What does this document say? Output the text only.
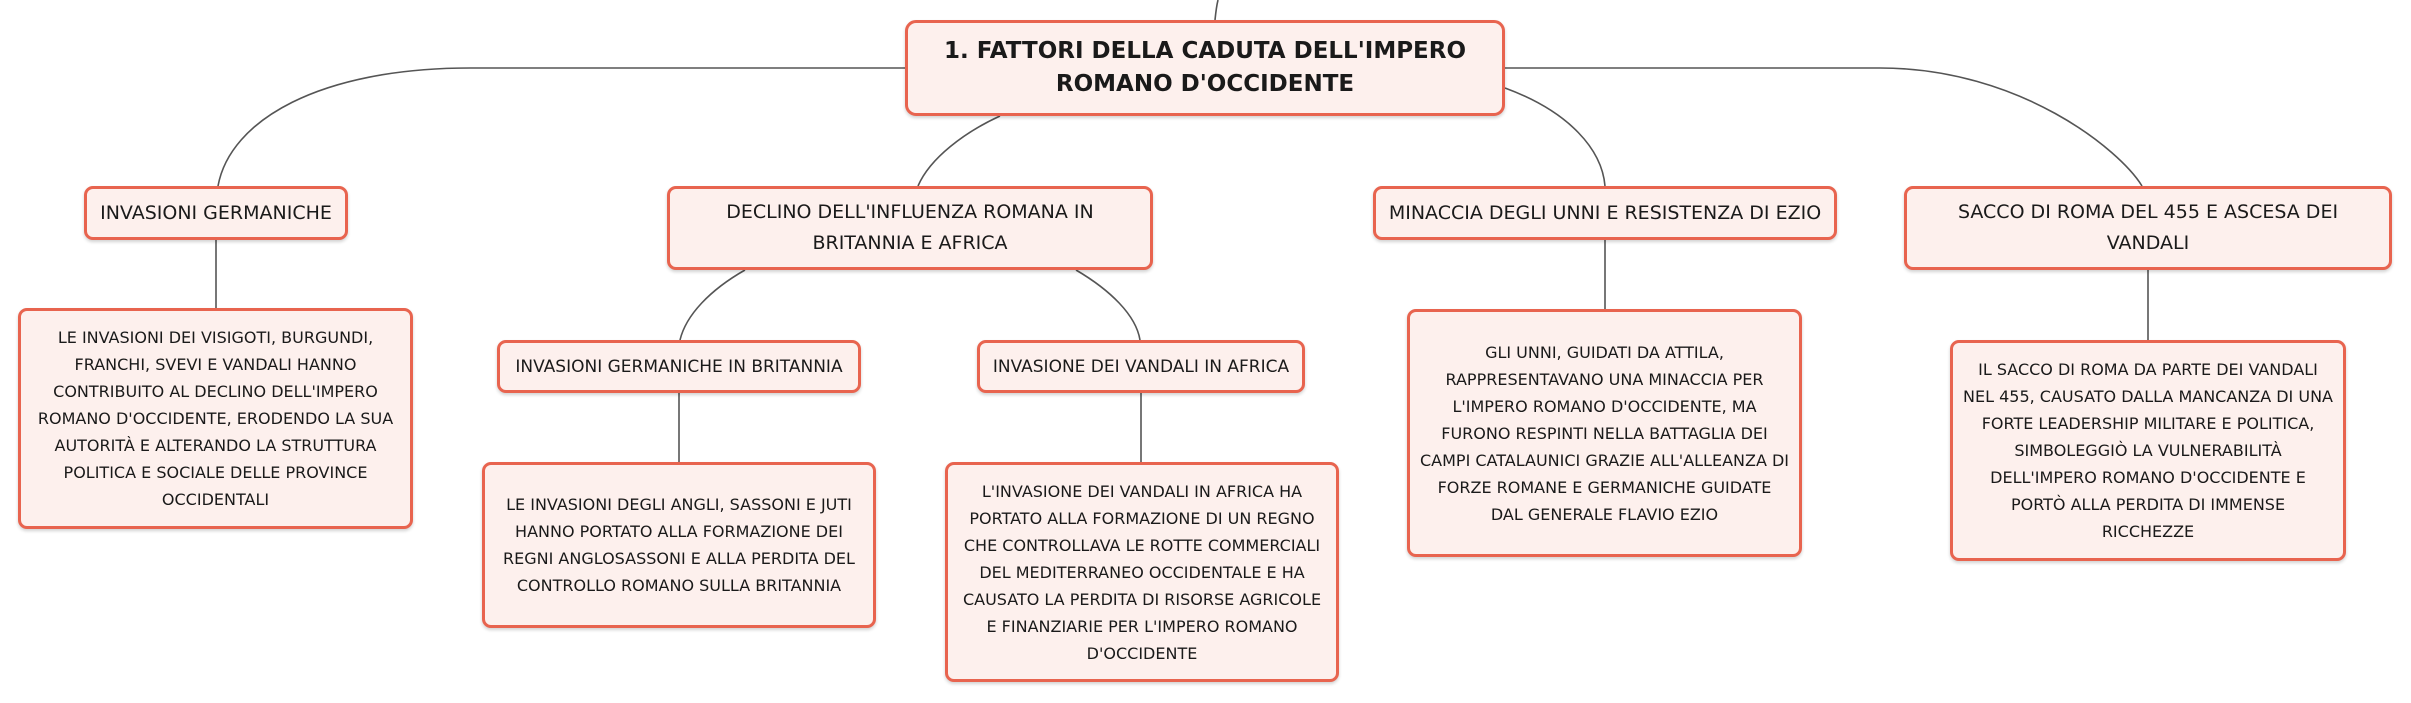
1. FATTORI DELLA CADUTA DELL'IMPERO ROMANO D'OCCIDENTE
INVASIONI GERMANICHE	DECLINO DELL'INFLUENZA ROMANA IN BRITANNIA E AFRICA
MINACCIA DEGLI UNNI E RESISTENZA DI EZIO	SACCO DI ROMA DEL 455 E ASCESA DEI VANDALI
INVASIONI GERMANICHE IN BRITANNIA	INVASIONE DEI VANDALI IN AFRICA
LE INVASIONI DEI VISIGOTI, BURGUNDI, FRANCHI, SVEVI E VANDALI HANNO CONTRIBUITO AL DECLINO DELL'IMPERO ROMANO D'OCCIDENTE, ERODENDO LA SUA AUTORITÀ E ALTERANDO LA STRUTTURA POLITICA E SOCIALE DELLE PROVINCE OCCIDENTALI	LE INVASIONI DEGLI ANGLI, SASSONI E JUTI HANNO PORTATO ALLA FORMAZIONE DEI REGNI ANGLOSASSONI E ALLA PERDITA DEL CONTROLLO ROMANO SULLA BRITANNIA
L'INVASIONE DEI VANDALI IN AFRICA HA PORTATO ALLA FORMAZIONE DI UN REGNO CHE CONTROLLAVA LE ROTTE COMMERCIALI DEL MEDITERRANEO OCCIDENTALE E HA CAUSATO LA PERDITA DI RISORSE AGRICOLE E FINANZIARIE PER L'IMPERO ROMANO D'OCCIDENTE
GLI UNNI, GUIDATI DA ATTILA, RAPPRESENTAVANO UNA MINACCIA PER L'IMPERO ROMANO D'OCCIDENTE, MA FURONO RESPINTI NELLA BATTAGLIA DEI CAMPI CATALAUNICI GRAZIE ALL'ALLEANZA DI FORZE ROMANE E GERMANICHE GUIDATE DAL GENERALE FLAVIO EZIO
IL SACCO DI ROMA DA PARTE DEI VANDALI NEL 455, CAUSATO DALLA MANCANZA DI UNA FORTE LEADERSHIP MILITARE E POLITICA, SIMBOLEGGIÒ LA VULNERABILITÀ DELL'IMPERO ROMANO D'OCCIDENTE E PORTÒ ALLA PERDITA DI IMMENSE RICCHEZZE
